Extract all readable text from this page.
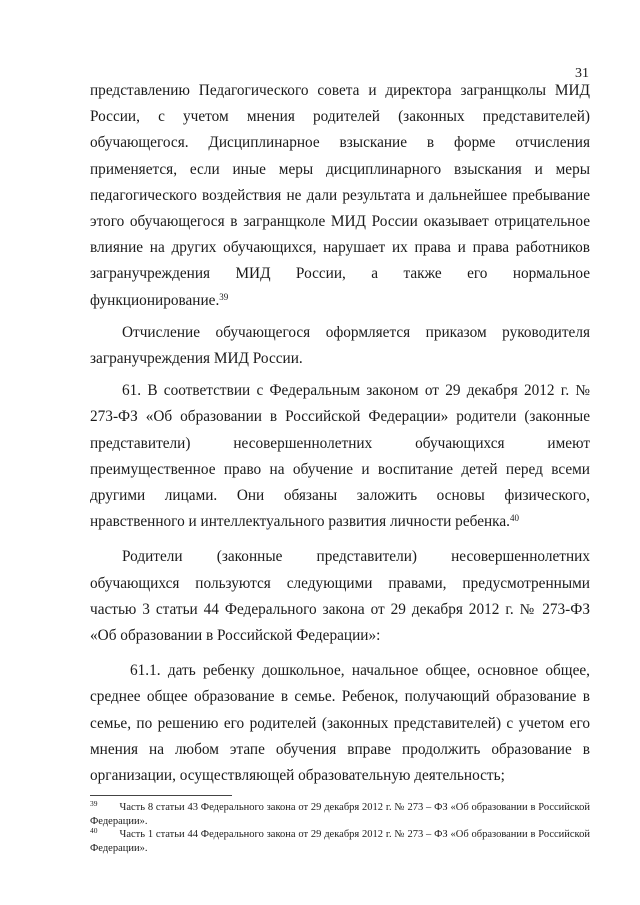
31

представлению Педагогического совета и директора загранщколы МИД России, с учетом мнения родителей (законных представителей) обучающегося. Дисциплинарное взыскание в форме отчисления применяется, если иные меры дисциплинарного взыскания и меры педагогического воздействия не дали результата и дальнейшее пребывание этого обучающегося в загранщколе МИД России оказывает отрицательное влияние на других обучающихся, нарушает их права и права работников загранучреждения МИД России, а также его нормальное функционирование.$^{39}$

Отчисление обучающегося оформляется приказом руководителя загранучреждения МИД России.

61. В соответствии с Федеральным законом от 29 декабря 2012 г. № 273-ФЗ «Об образовании в Российской Федерации» родители (законные представители) несовершеннолетних обучающихся имеют преимущественное право на обучение и воспитание детей перед всеми другими лицами. Они обязаны заложить основы физического, нравственного и интеллектуального развития личности ребенка.$^{40}$

Родители (законные представители) несовершеннолетних обучающихся пользуются следующими правами, предусмотренными частью 3 статьи 44 Федерального закона от 29 декабря 2012 г. № 273-ФЗ «Об образовании в Российской Федерации»:

61.1. дать ребенку дошкольное, начальное общее, основное общее, среднее общее образование в семье. Ребенок, получающий образование в семье, по решению его родителей (законных представителей) с учетом его мнения на любом этапе обучения вправе продолжить образование в организации, осуществляющей образовательную деятельность;

$^{39}$ Часть 8 статьи 43 Федерального закона от 29 декабря 2012 г. № 273 – ФЗ «Об образовании в Российской Федерации».

$^{40}$ Часть 1 статьи 44 Федерального закона от 29 декабря 2012 г. № 273 – ФЗ «Об образовании в Российской Федерации».
